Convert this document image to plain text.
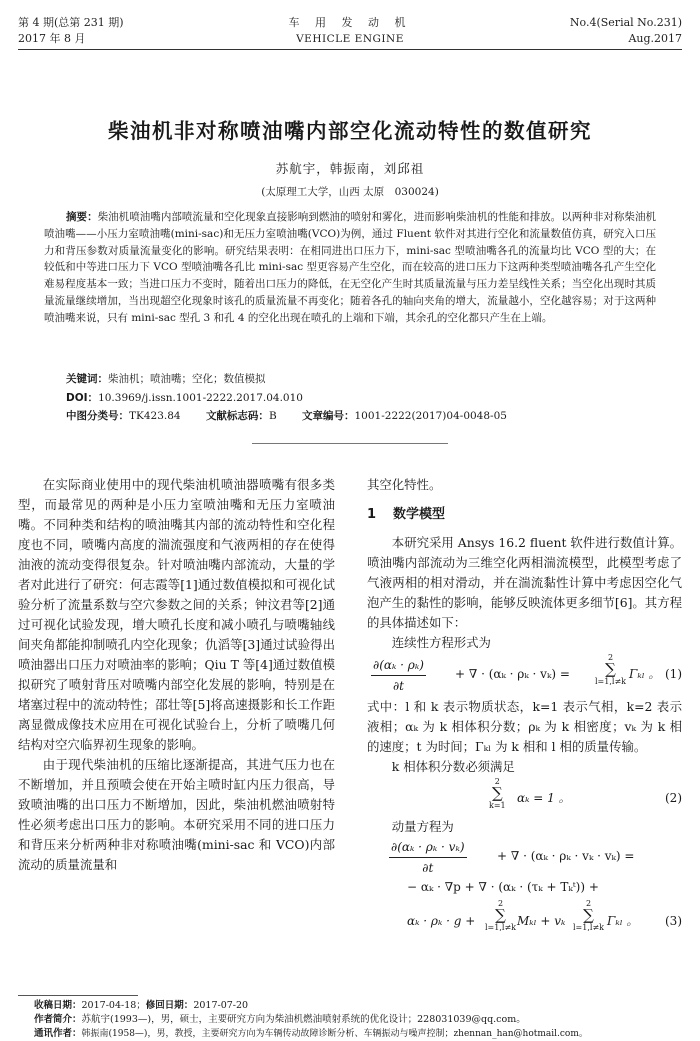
第 4 期(总第 231 期)
2017 年 8 月
车 用 发 动 机
VEHICLE ENGINE
No.4(Serial No.231)
Aug.2017
柴油机非对称喷油嘴内部空化流动特性的数值研究
苏航宇，韩振南，刘邱祖
(太原理工大学，山西 太原　030024)
摘要：柴油机喷油嘴内部喷流量和空化现象直接影响到燃油的喷射和雾化，进而影响柴油机的性能和排放。以两种非对称柴油机喷油嘴——小压力室喷油嘴(mini-sac)和无压力室喷油嘴(VCO)为例，通过 Fluent 软件对其进行空化和流量数值仿真，研究入口压力和背压参数对质量流量变化的影响。研究结果表明：在相同进出口压力下，mini-sac 型喷油嘴各孔的流量均比 VCO 型的大；在较低和中等进口压力下 VCO 型喷油嘴各孔比 mini-sac 型更容易产生空化，而在较高的进口压力下这两种类型喷油嘴各孔产生空化难易程度基本一致；当进口压力不变时，随着出口压力的降低，在无空化产生时其质量流量与压力差呈线性关系；当空化出现时其质量流量继续增加，当出现超空化现象时该孔的质量流量不再变化；随着各孔的轴向夹角的增大，流量越小，空化越容易；对于这两种喷油嘴来说，只有 mini-sac 型孔 3 和孔 4 的空化出现在喷孔的上端和下端，其余孔的空化都只产生在上端。
关键词：柴油机；喷油嘴；空化；数值模拟
DOI：10.3969/j.issn.1001-2222.2017.04.010
中图分类号：TK423.84 文献标志码：B 文章编号：1001-2222(2017)04-0048-05

在实际商业使用中的现代柴油机喷油器喷嘴有很多类型，而最常见的两种是小压力室喷油嘴和无压力室喷油嘴。不同种类和结构的喷油嘴其内部的流动特性和空化程度也不同，喷嘴内高度的湍流强度和气液两相的存在使得油液的流动变得很复杂。针对喷油嘴内部流动，大量的学者对此进行了研究：何志霞等[1]通过数值模拟和可视化试验分析了流量系数与空穴参数之间的关系；钟汶君等[2]通过可视化试验发现，增大喷孔长度和减小喷孔与喷嘴轴线间夹角都能抑制喷孔内空化现象；仇滔等[3]通过试验得出喷油器出口压力对喷油率的影响；Qiu T 等[4]通过数值模拟研究了喷射背压对喷嘴内部空化发展的影响，特别是在堵塞过程中的流动特性；邵壮等[5]将高速摄影和长工作距离显微成像技术应用在可视化试验台上，分析了喷嘴几何结构对空穴临界初生现象的影响。

由于现代柴油机的压缩比逐渐提高，其进气压力也在不断增加，并且预喷会使在开始主喷时缸内压力很高，导致喷油嘴的出口压力不断增加，因此，柴油机燃油喷射特性必须考虑出口压力的影响。本研究采用不同的进口压力和背压来分析两种非对称喷油嘴(mini-sac 和 VCO)内部流动的质量流量和

其空化特性。

1 数学模型

本研究采用 Ansys 16.2 fluent 软件进行数值计算。喷油嘴内部流动为三维空化两相湍流模型，此模型考虑了气液两相的相对滑动，并在湍流黏性计算中考虑因空化气泡产生的黏性的影响，能够反映流体更多细节[6]。其方程的具体描述如下：

连续性方程形式为

$\frac{\text{∂(αₖ · ρₖ)}}{\partial t}$ + ∇ · (αₖ · ρₖ · vₖ) =
2
∑
l=1,l≠k
Γₖₗ 。 (1)

式中：l 和 k 表示物质状态，k=1 表示气相，k=2 表示液相；αₖ 为 k 相体积分数；ρₖ 为 k 相密度；vₖ 为 k 相的速度；t 为时间；Γₖₗ 为 k 相和 l 相的质量传输。

k 相体积分数必须满足

2
∑
k=1
αₖ = 1 。	(2)

动量方程为

$\frac{\text{∂(αₖ · ρₖ · vₖ)}}{\partial t}$	+ ∇ · (αₖ · ρₖ · vₖ · vₖ) =
− αₖ · ∇p + ∇ · (αₖ · (τₖ + Tₖᵗ)) +
αₖ · ρₖ · g +
2
∑
l=1,l≠k Mₖₗ + vₖ
2
∑
l=1,l≠k Γₖₗ 。 (3)
收稿日期：2017-04-18；修回日期：2017-07-20
作者简介：苏航宇(1993—)，男，硕士，主要研究方向为柴油机燃油喷射系统的优化设计；228031039@qq.com。
通讯作者：韩振南(1958—)，男，教授，主要研究方向为车辆传动故障诊断分析、车辆振动与噪声控制；zhennan_han@hotmail.com。
